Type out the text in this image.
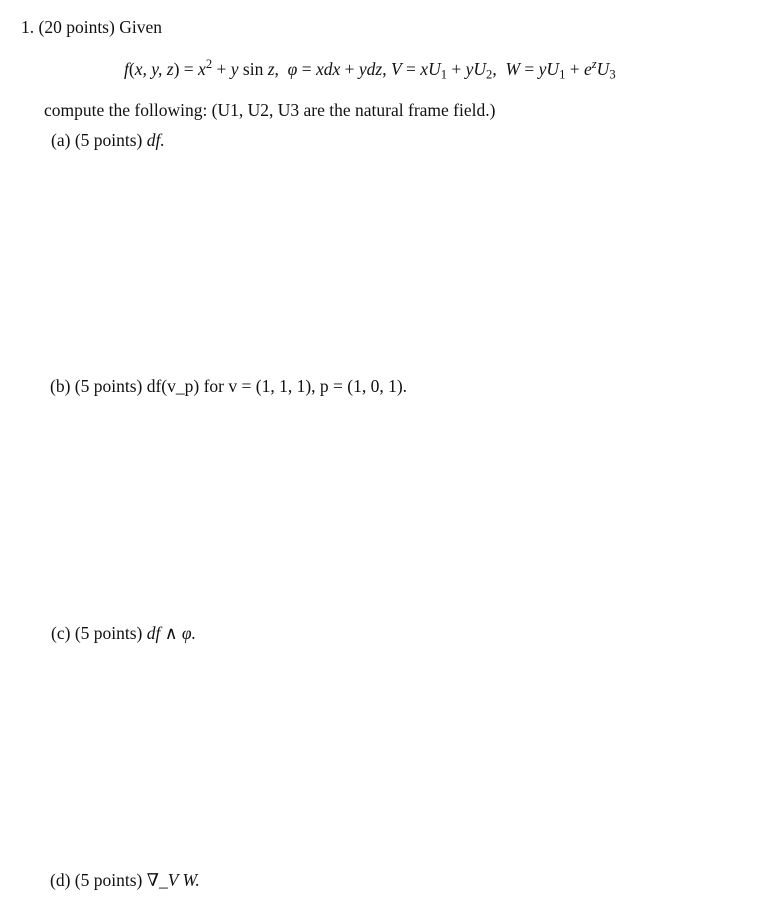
1. (20 points) Given
f(x, y, $z) = x^2 + y$ sin z,  φ = xdx + ydz, $V = xU_1 + yU_2$,  $W = yU_1 + e^zU_3$
compute the following: (U1, U2, U3 are the natural frame field.)
(a) (5 points) df.
(b) (5 points) df(v_p) for v = (1, 1, 1), p = (1, 0, 1).
(c) (5 points) df ∧ φ.
(d) (5 points) ∇_V W.
